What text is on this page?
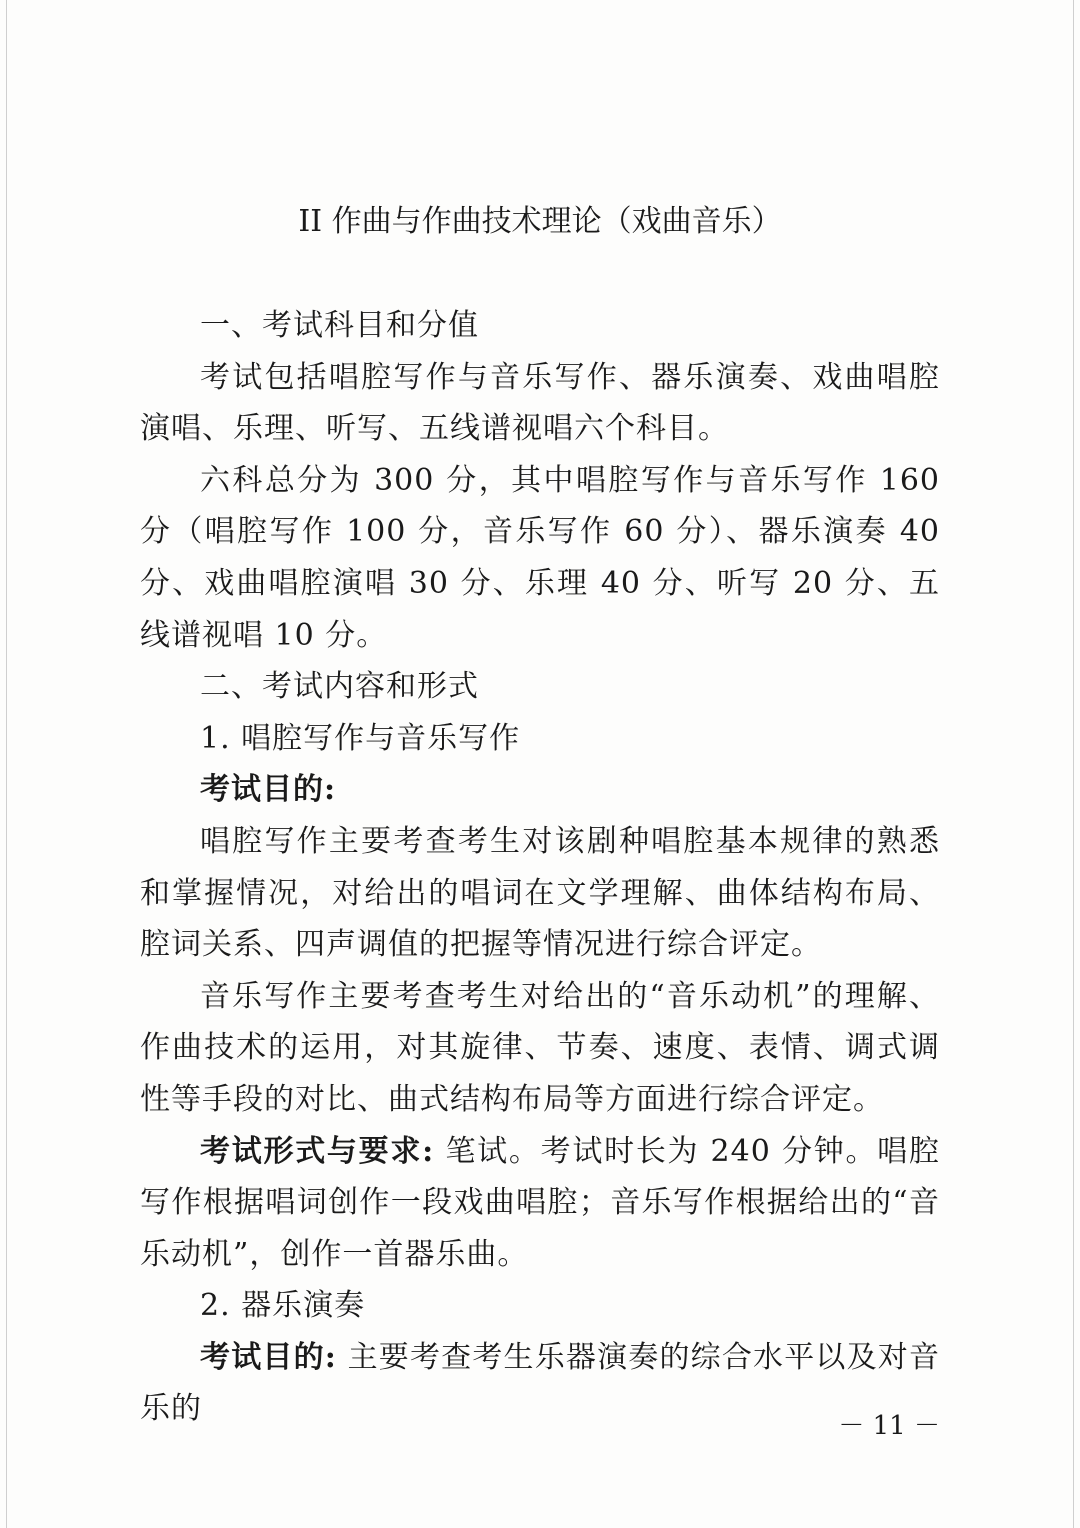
II 作曲与作曲技术理论（戏曲音乐）

一、考试科目和分值

考试包括唱腔写作与音乐写作、器乐演奏、戏曲唱腔演唱、乐理、听写、五线谱视唱六个科目。

六科总分为 300 分，其中唱腔写作与音乐写作 160 分（唱腔写作 100 分，音乐写作 60 分）、器乐演奏 40 分、戏曲唱腔演唱 30 分、乐理 40 分、听写 20 分、五线谱视唱 10 分。

二、考试内容和形式

1. 唱腔写作与音乐写作

考试目的:

唱腔写作主要考查考生对该剧种唱腔基本规律的熟悉和掌握情况，对给出的唱词在文学理解、曲体结构布局、腔词关系、四声调值的把握等情况进行综合评定。

音乐写作主要考查考生对给出的“音乐动机”的理解、作曲技术的运用，对其旋律、节奏、速度、表情、调式调性等手段的对比、曲式结构布局等方面进行综合评定。

考试形式与要求: 笔试。考试时长为 240 分钟。唱腔写作根据唱词创作一段戏曲唱腔；音乐写作根据给出的“音乐动机”，创作一首器乐曲。

2. 器乐演奏

考试目的: 主要考查考生乐器演奏的综合水平以及对音乐的	－ 11 －
